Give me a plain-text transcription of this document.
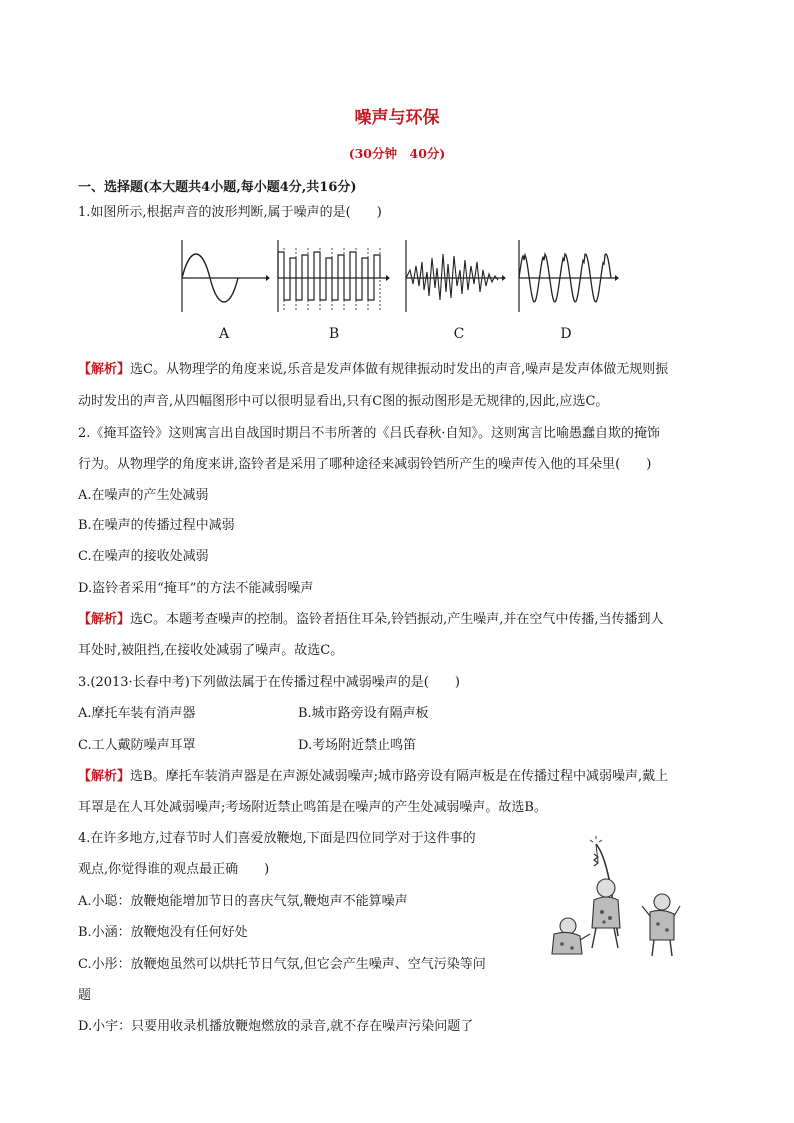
噪声与环保
(30分钟　40分)
一、选择题(本大题共4小题,每小题4分,共16分)
1.如图所示,根据声音的波形判断,属于噪声的是(　　)
A	B	C	D
【解析】选C。从物理学的角度来说,乐音是发声体做有规律振动时发出的声音,噪声是发声体做无规则振
动时发出的声音,从四幅图形中可以很明显看出,只有C图的振动图形是无规律的,因此,应选C。
2.《掩耳盗铃》这则寓言出自战国时期吕不韦所著的《吕氏春秋·自知》。这则寓言比喻愚蠢自欺的掩饰
行为。从物理学的角度来讲,盗铃者是采用了哪种途径来减弱铃铛所产生的噪声传入他的耳朵里(　　)
A.在噪声的产生处减弱
B.在噪声的传播过程中减弱
C.在噪声的接收处减弱
D.盗铃者采用“掩耳”的方法不能减弱噪声
【解析】选C。本题考查噪声的控制。盗铃者捂住耳朵,铃铛振动,产生噪声,并在空气中传播,当传播到人
耳处时,被阻挡,在接收处减弱了噪声。故选C。
3.(2013·长春中考)下列做法属于在传播过程中减弱噪声的是(　　)
A.摩托车装有消声器	B.城市路旁设有隔声板
C.工人戴防噪声耳罩	D.考场附近禁止鸣笛
【解析】选B。摩托车装消声器是在声源处减弱噪声;城市路旁设有隔声板是在传播过程中减弱噪声,戴上
耳罩是在人耳处减弱噪声;考场附近禁止鸣笛是在噪声的产生处减弱噪声。故选B。
4.在许多地方,过春节时人们喜爱放鞭炮,下面是四位同学对于这件事的
观点,你觉得谁的观点最正确　　)
A.小聪：放鞭炮能增加节日的喜庆气氛,鞭炮声不能算噪声
B.小涵：放鞭炮没有任何好处
C.小彤：放鞭炮虽然可以烘托节日气氛,但它会产生噪声、空气污染等问
题
D.小宇：只要用收录机播放鞭炮燃放的录音,就不存在噪声污染问题了
